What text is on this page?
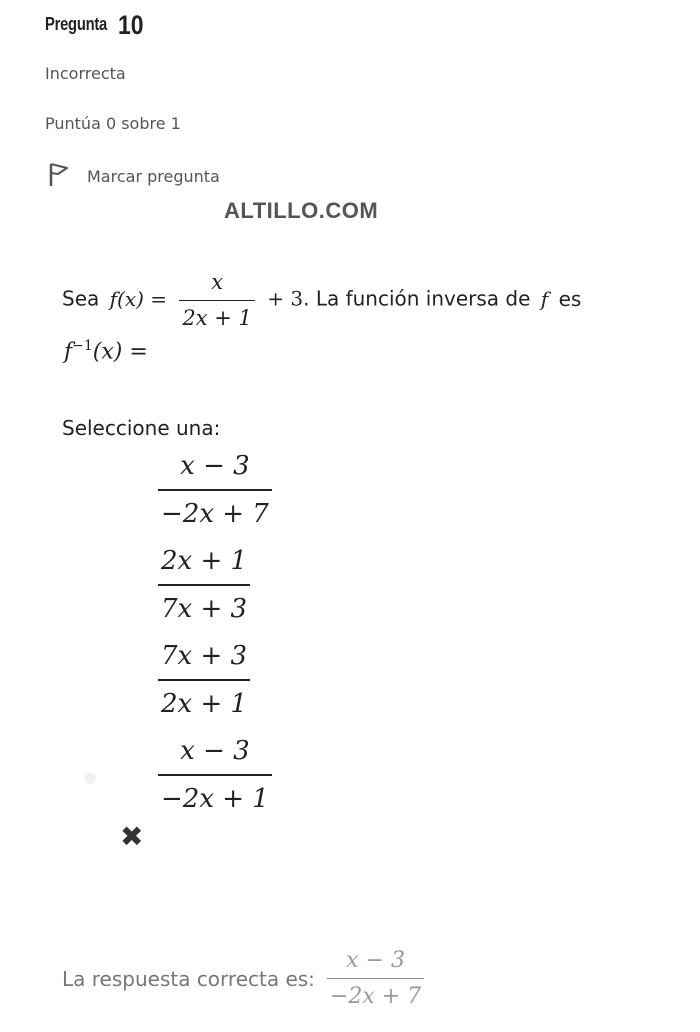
Pregunta 10
Incorrecta
Puntúa 0 sobre 1
Marcar pregunta
ALTILLO.COM
Sea $f(x) = \frac{x}{2x + 1} + 3$. La función inversa de f es
$f^{-1}(x)$ =
Seleccione una:
$\frac{x - 3}{-2x + 7}$
$\frac{2x + 1}{7x + 3}$
$\frac{7x + 3}{2x + 1}$
$\frac{x - 3}{-2x + 1}$
✖
La respuesta correcta es: $\frac{x - 3}{-2x + 7}$
